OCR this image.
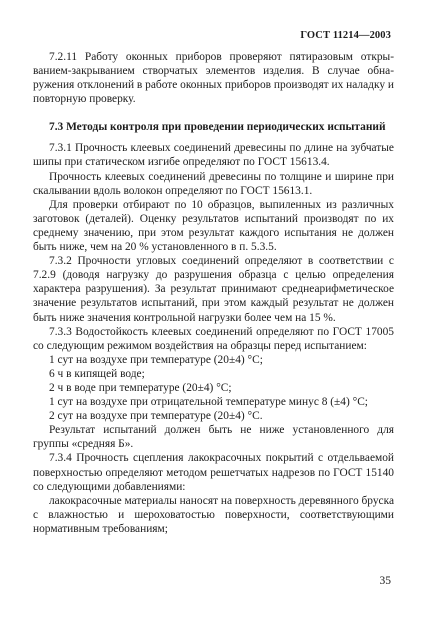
ГОСТ 11214—2003

7.2.11 Работу оконных приборов проверяют пятиразовым открыванием-закрыванием створчатых элементов изделия. В случае обнаружения отклонений в работе оконных приборов производят их наладку и повторную проверку.

7.3 Методы контроля при проведении периодических испытаний

7.3.1 Прочность клеевых соединений древесины по длине на зубчатые шипы при статическом изгибе определяют по ГОСТ 15613.4.

Прочность клеевых соединений древесины по толщине и ширине при скалывании вдоль волокон определяют по ГОСТ 15613.1.

Для проверки отбирают по 10 образцов, выпиленных из различных заготовок (деталей). Оценку результатов испытаний производят по их среднему значению, при этом результат каждого испытания не должен быть ниже, чем на 20 % установленного в п. 5.3.5.

7.3.2 Прочности угловых соединений определяют в соответствии с 7.2.9 (доводя нагрузку до разрушения образца с целью определения характера разрушения). За результат принимают среднеарифметическое значение результатов испытаний, при этом каждый результат не должен быть ниже значения контрольной нагрузки более чем на 15 %.

7.3.3 Водостойкость клеевых соединений определяют по ГОСТ 17005 со следующим режимом воздействия на образцы перед испытанием:

1 сут на воздухе при температуре (20±4) °С;

6 ч в кипящей воде;

2 ч в воде при температуре (20±4) °С;

1 сут на воздухе при отрицательной температуре минус 8 (±4) °С;

2 сут на воздухе при температуре (20±4) °С.

Результат испытаний должен быть не ниже установленного для группы «средняя Б».

7.3.4 Прочность сцепления лакокрасочных покрытий с отдельваемой поверхностью определяют методом решетчатых надрезов по ГОСТ 15140 со следующими добавлениями:

лакокрасочные материалы наносят на поверхность деревянного бруска с влажностью и шероховатостью поверхности, соответствующими нормативным требованиям;

35
